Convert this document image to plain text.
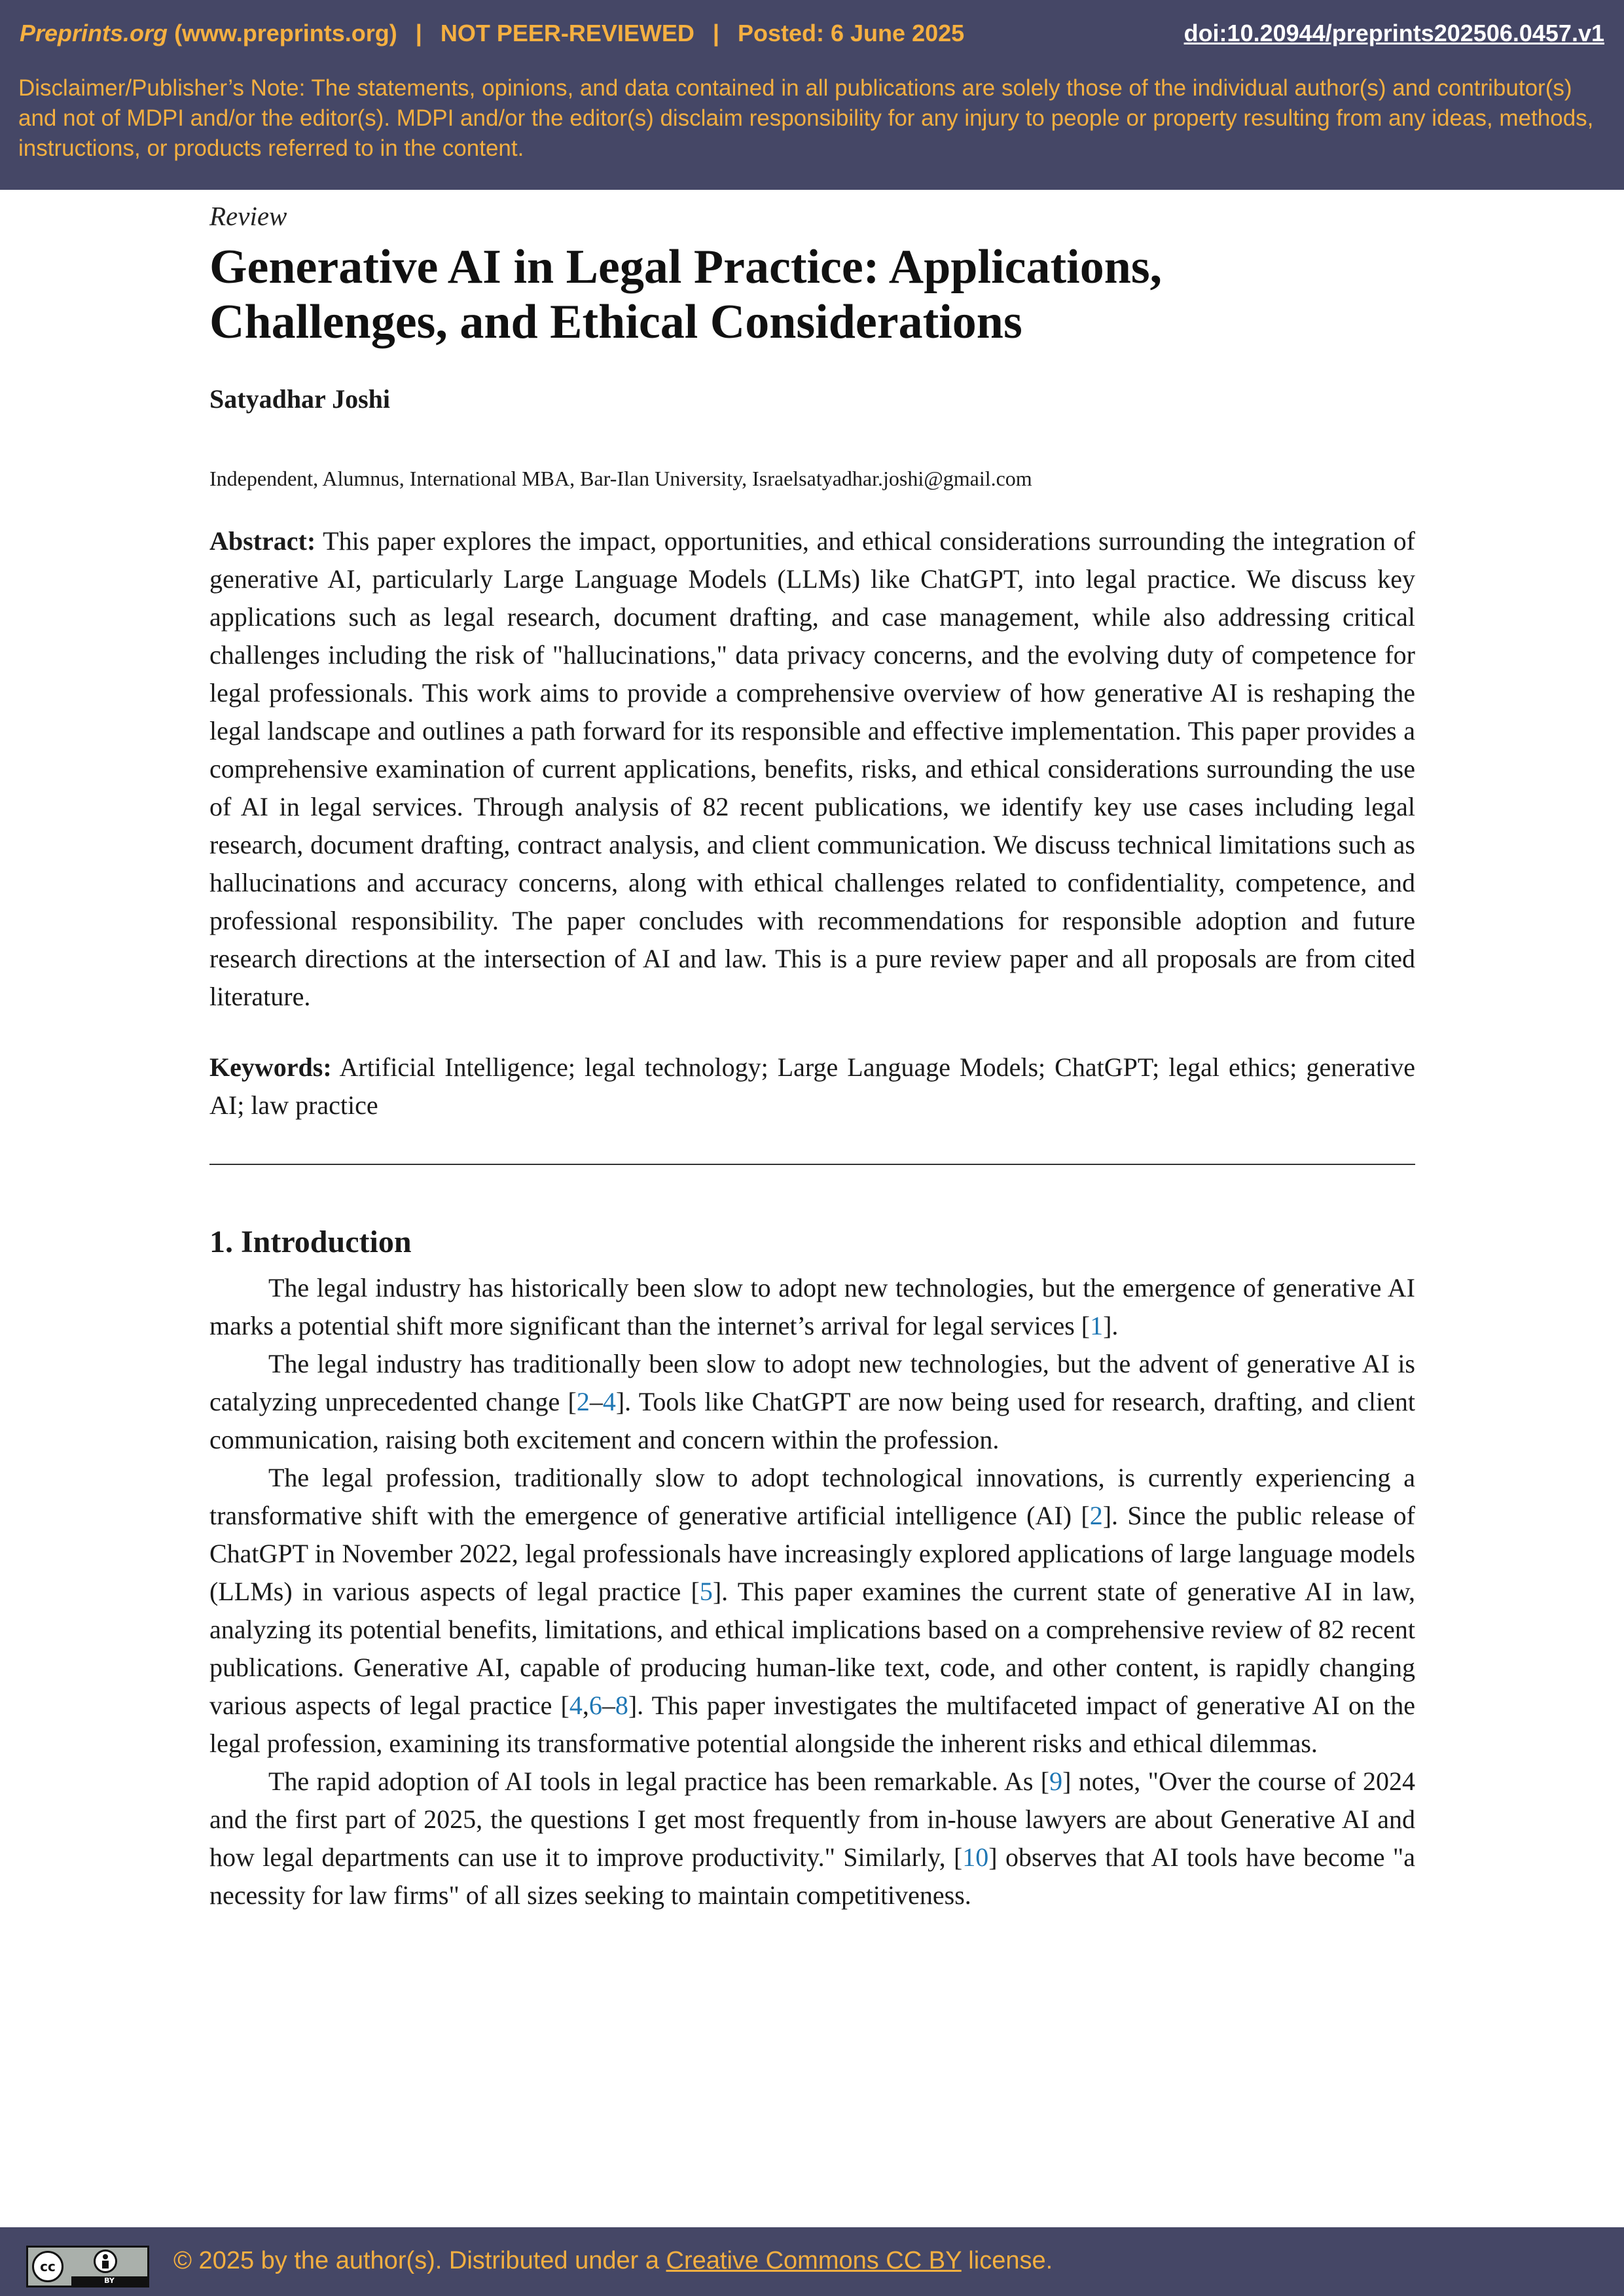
Preprints.org (www.preprints.org) | NOT PEER-REVIEWED | Posted: 6 June 2025	doi:10.20944/preprints202506.0457.v1
Disclaimer/Publisher’s Note: The statements, opinions, and data contained in all publications are solely those of the individual author(s) and contributor(s) and not of MDPI and/or the editor(s). MDPI and/or the editor(s) disclaim responsibility for any injury to people or property resulting from any ideas, methods, instructions, or products referred to in the content.
Review
Generative AI in Legal Practice: Applications,
Challenges, and Ethical Considerations
Satyadhar Joshi
Independent, Alumnus, International MBA, Bar-Ilan University, Israelsatyadhar.joshi@gmail.com

Abstract: This paper explores the impact, opportunities, and ethical considerations surrounding the integration of generative AI, particularly Large Language Models (LLMs) like ChatGPT, into legal practice. We discuss key applications such as legal research, document drafting, and case management, while also addressing critical challenges including the risk of "hallucinations," data privacy concerns, and the evolving duty of competence for legal professionals. This work aims to provide a comprehensive overview of how generative AI is reshaping the legal landscape and outlines a path forward for its responsible and effective implementation. This paper provides a comprehensive examination of current applications, benefits, risks, and ethical considerations surrounding the use of AI in legal services. Through analysis of 82 recent publications, we identify key use cases including legal research, document drafting, contract analysis, and client communication. We discuss technical limitations such as hallucinations and accuracy concerns, along with ethical challenges related to confidentiality, competence, and professional responsibility. The paper concludes with recommendations for responsible adoption and future research directions at the intersection of AI and law. This is a pure review paper and all proposals are from cited literature.

Keywords: Artificial Intelligence; legal technology; Large Language Models; ChatGPT; legal ethics; generative AI; law practice

1. Introduction

The legal industry has historically been slow to adopt new technologies, but the emergence of generative AI marks a potential shift more significant than the internet’s arrival for legal services [1].

The legal industry has traditionally been slow to adopt new technologies, but the advent of generative AI is catalyzing unprecedented change [2–4]. Tools like ChatGPT are now being used for research, drafting, and client communication, raising both excitement and concern within the profession.

The legal profession, traditionally slow to adopt technological innovations, is currently experiencing a transformative shift with the emergence of generative artificial intelligence (AI) [2]. Since the public release of ChatGPT in November 2022, legal professionals have increasingly explored applications of large language models (LLMs) in various aspects of legal practice [5]. This paper examines the current state of generative AI in law, analyzing its potential benefits, limitations, and ethical implications based on a comprehensive review of 82 recent publications. Generative AI, capable of producing human-like text, code, and other content, is rapidly changing various aspects of legal practice [4,6–8]. This paper investigates the multifaceted impact of generative AI on the legal profession, examining its transformative potential alongside the inherent risks and ethical dilemmas.

The rapid adoption of AI tools in legal practice has been remarkable. As [9] notes, "Over the course of 2024 and the first part of 2025, the questions I get most frequently from in-house lawyers are about Generative AI and how legal departments can use it to improve productivity." Similarly, [10] observes that AI tools have become "a necessity for law firms" of all sizes seeking to maintain competitiveness.

cc
BY
© 2025 by the author(s). Distributed under a Creative Commons CC BY license.
